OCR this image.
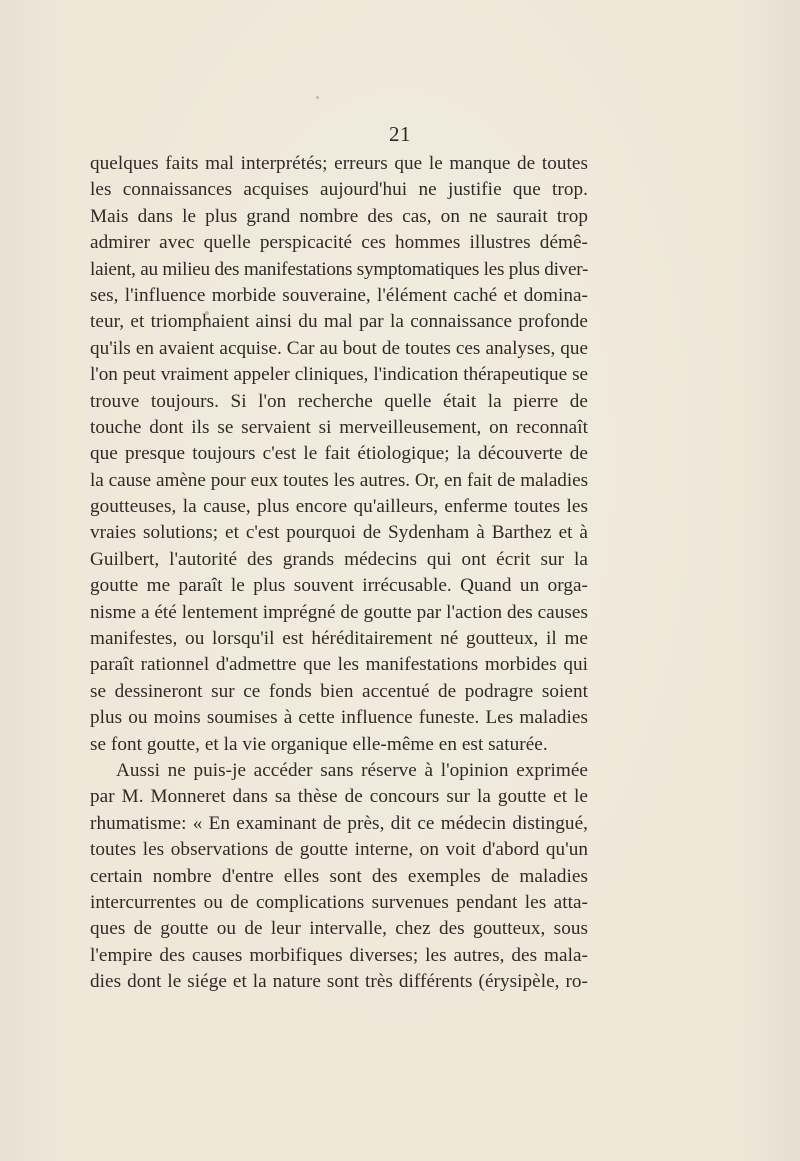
21
quelques faits mal interprétés; erreurs que le manque de toutes
les connaissances acquises aujourd'hui ne justifie que trop.
Mais dans le plus grand nombre des cas, on ne saurait trop
admirer avec quelle perspicacité ces hommes illustres démê-
laient, au milieu des manifestations symptomatiques les plus diver-
ses, l'influence morbide souveraine, l'élément caché et domina-
teur, et triomphaient ainsi du mal par la connaissance profonde
qu'ils en avaient acquise. Car au bout de toutes ces analyses, que
l'on peut vraiment appeler cliniques, l'indication thérapeutique se
trouve toujours. Si l'on recherche quelle était la pierre de
touche dont ils se servaient si merveilleusement, on reconnaît
que presque toujours c'est le fait étiologique; la découverte de
la cause amène pour eux toutes les autres. Or, en fait de maladies
goutteuses, la cause, plus encore qu'ailleurs, enferme toutes les
vraies solutions; et c'est pourquoi de Sydenham à Barthez et à
Guilbert, l'autorité des grands médecins qui ont écrit sur la
goutte me paraît le plus souvent irrécusable. Quand un orga-
nisme a été lentement imprégné de goutte par l'action des causes
manifestes, ou lorsqu'il est héréditairement né goutteux, il me
paraît rationnel d'admettre que les manifestations morbides qui
se dessineront sur ce fonds bien accentué de podragre soient
plus ou moins soumises à cette influence funeste. Les maladies
se font goutte, et la vie organique elle-même en est saturée.
Aussi ne puis-je accéder sans réserve à l'opinion exprimée
par M. Monneret dans sa thèse de concours sur la goutte et le
rhumatisme: « En examinant de près, dit ce médecin distingué,
toutes les observations de goutte interne, on voit d'abord qu'un
certain nombre d'entre elles sont des exemples de maladies
intercurrentes ou de complications survenues pendant les atta-
ques de goutte ou de leur intervalle, chez des goutteux, sous
l'empire des causes morbifiques diverses; les autres, des mala-
dies dont le siége et la nature sont très différents (érysipèle, ro-
